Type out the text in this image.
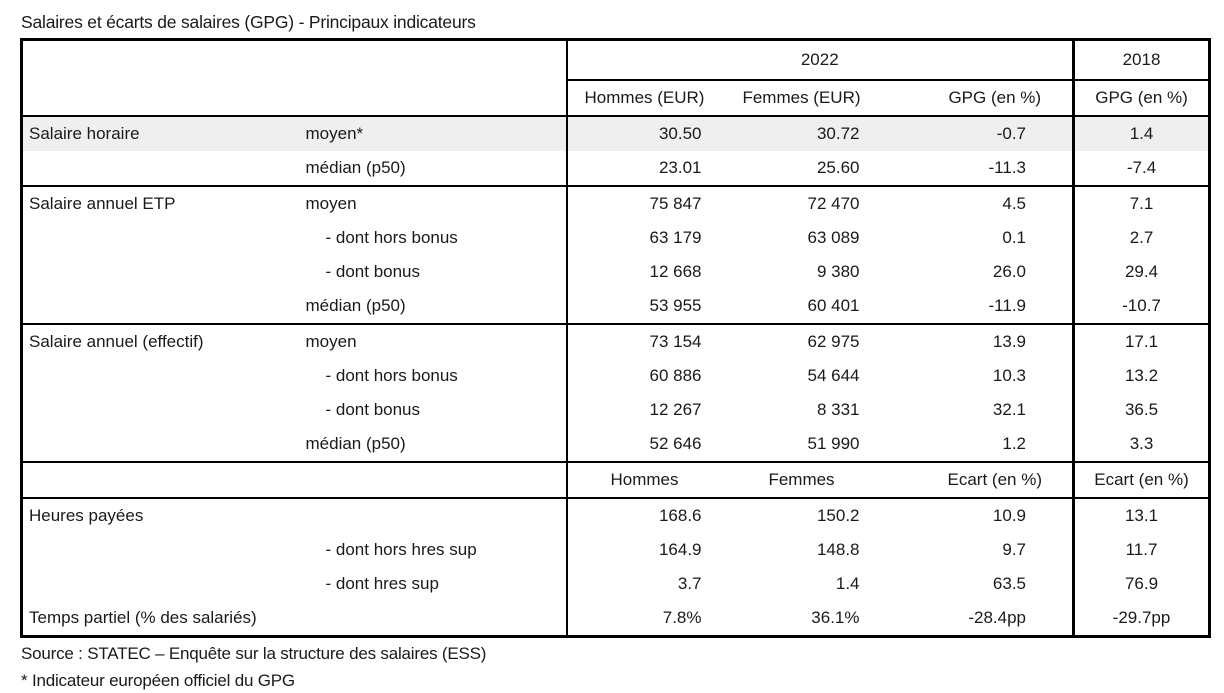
Salaires et écarts de salaires (GPG) - Principaux indicateurs
		2022			2018
		Hommes (EUR)	Femmes (EUR)	GPG (en %)	GPG (en %)
Salaire horaire	moyen*	30.50	30.72	-0.7	1.4
	médian (p50)	23.01	25.60	-11.3	-7.4
Salaire annuel ETP	moyen	75 847	72 470	4.5	7.1
	- dont hors bonus	63 179	63 089	0.1	2.7
	- dont bonus	12 668	9 380	26.0	29.4
	médian (p50)	53 955	60 401	-11.9	-10.7
Salaire annuel (effectif)	moyen	73 154	62 975	13.9	17.1
	- dont hors bonus	60 886	54 644	10.3	13.2
	- dont bonus	12 267	8 331	32.1	36.5
	médian (p50)	52 646	51 990	1.2	3.3
		Hommes	Femmes	Ecart (en %)	Ecart (en %)
Heures payées		168.6	150.2	10.9	13.1
	- dont hors hres sup	164.9	148.8	9.7	11.7
	- dont hres sup	3.7	1.4	63.5	76.9
Temps partiel (% des salariés)		7.8%	36.1%	-28.4pp	-29.7pp
Source : STATEC – Enquête sur la structure des salaires (ESS)
* Indicateur européen officiel du GPG
